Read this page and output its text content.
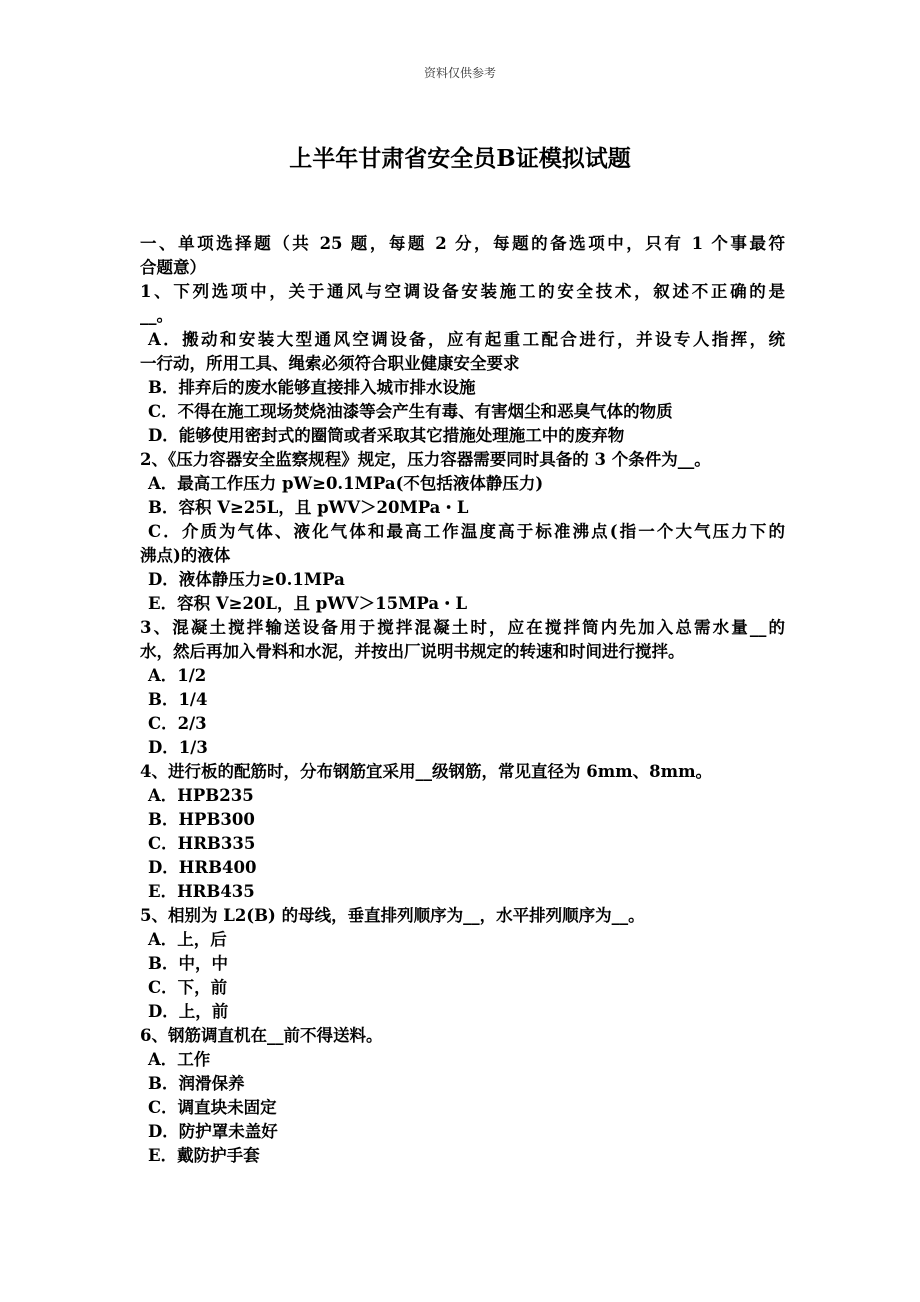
资料仅供参考
上半年甘肃省安全员B证模拟试题
一、单项选择题（共 25 题，每题 2 分，每题的备选项中，只有 1 个事最符
合题意）
1、下列选项中，关于通风与空调设备安装施工的安全技术，叙述不正确的是
__。
A．搬动和安装大型通风空调设备，应有起重工配合进行，并设专人指挥，统
一行动，所用工具、绳索必须符合职业健康安全要求
B．排弃后的废水能够直接排入城市排水设施
C．不得在施工现场焚烧油漆等会产生有毒、有害烟尘和恶臭气体的物质
D．能够使用密封式的圈筒或者采取其它措施处理施工中的废弃物
2、《压力容器安全监察规程》规定，压力容器需要同时具备的 3 个条件为__。
A．最高工作压力 pW≥0.1MPa(不包括液体静压力)
B．容积 V≥25L，且 pWV＞20MPa・L
C．介质为气体、液化气体和最高工作温度高于标准沸点(指一个大气压力下的
沸点)的液体
D．液体静压力≥0.1MPa
E．容积 V≥20L，且 pWV＞15MPa・L
3、混凝土搅拌输送设备用于搅拌混凝土时，应在搅拌筒内先加入总需水量__的
水，然后再加入骨料和水泥，并按出厂说明书规定的转速和时间进行搅拌。
A．1/2
B．1/4
C．2/3
D．1/3
4、进行板的配筋时，分布钢筋宜采用__级钢筋，常见直径为 6mm、8mm。
A．HPB235
B．HPB300
C．HRB335
D．HRB400
E．HRB435
5、相别为 L2(B) 的母线，垂直排列顺序为__，水平排列顺序为__。
A．上，后
B．中，中
C．下，前
D．上，前
6、钢筋调直机在__前不得送料。
A．工作
B．润滑保养
C．调直块未固定
D．防护罩未盖好
E．戴防护手套
